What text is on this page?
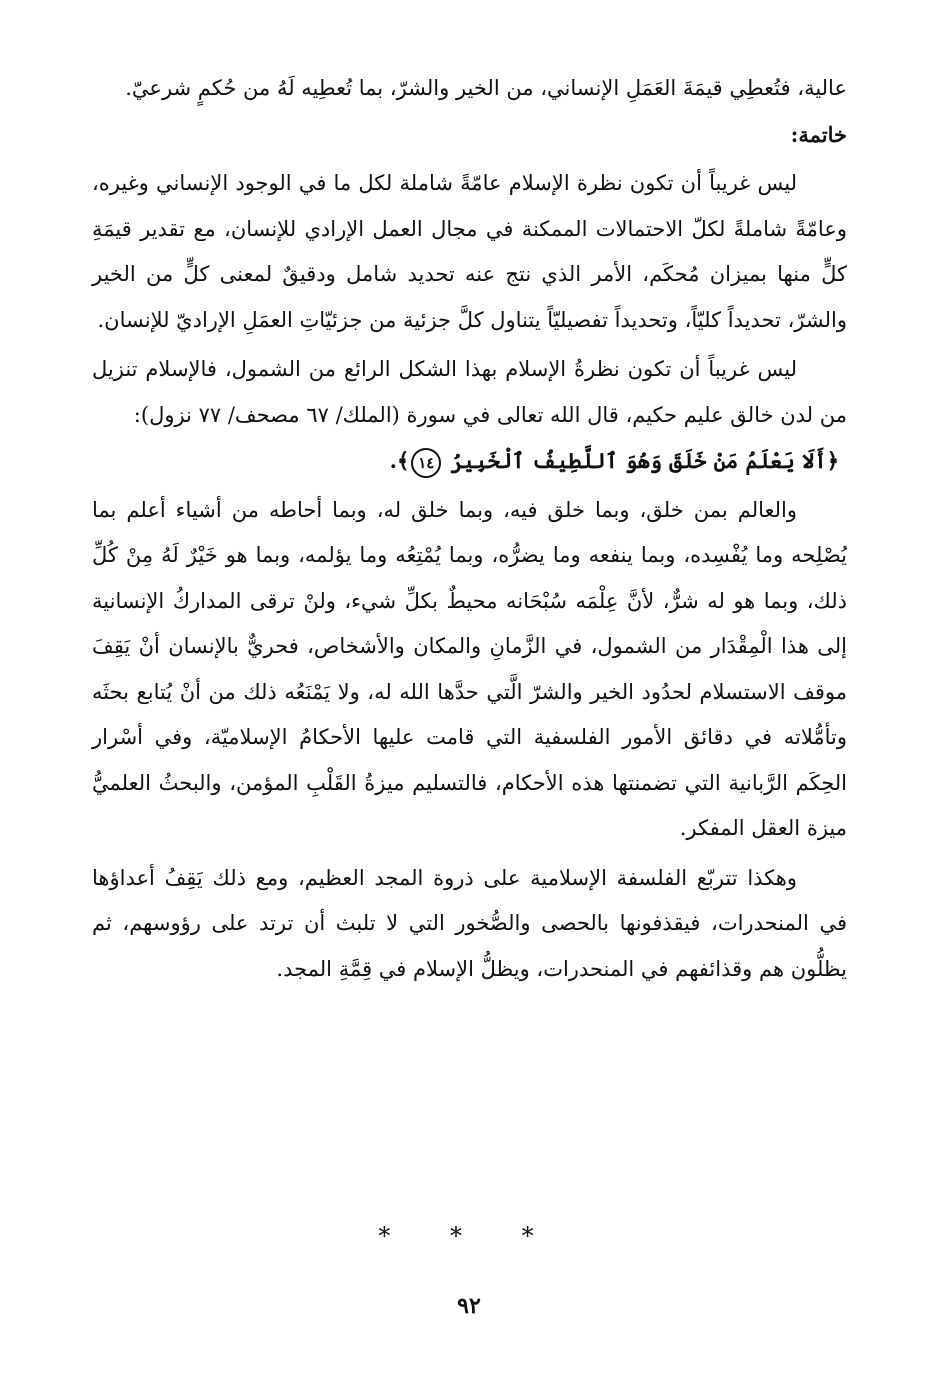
عالية، فتُعطِي قيمَةَ العَمَلِ الإنساني، من الخير والشرّ، بما تُعطِيه لَهُ من حُكمٍ شرعيّ.

خاتمة:

ليس غريباً أن تكون نظرة الإسلام عامّةً شاملة لكل ما في الوجود الإنساني وغيره، وعامّةً شاملةً لكلّ الاحتمالات الممكنة في مجال العمل الإرادي للإنسان، مع تقدير قيمَةِ كلٍّ منها بميزان مُحكَم، الأمر الذي نتج عنه تحديد شامل ودقيقٌ لمعنى كلٍّ من الخير والشرّ، تحديداً كليّاً، وتحديداً تفصيليّاً يتناول كلَّ جزئية من جزئيّاتِ العمَلِ الإراديّ للإنسان.

ليس غريباً أن تكون نظرةُ الإسلام بهذا الشكل الرائع من الشمول، فالإسلام تنزيل من لدن خالق عليم حكيم، قال الله تعالى في سورة (الملك/ ٦٧ مصحف/ ٧٧ نزول):

﴿أَلَا يَعْلَمُ مَنْ خَلَقَ وَهُوَ ٱللَّطِيفُ ٱلْخَبِيرُ ١٤﴾.

والعالم بمن خلق، وبما خلق فيه، وبما خلق له، وبما أحاطه من أشياء أعلم بما يُصْلِحه وما يُفْسِده، وبما ينفعه وما يضرُّه، وبما يُمْتِعُه وما يؤلمه، وبما هو خَيْرٌ لَهُ مِنْ كُلِّ ذلك، وبما هو له شرٌّ، لأنَّ عِلْمَه سُبْحَانه محيطٌ بكلِّ شيء، ولنْ ترقى المداركُ الإنسانية إلى هذا الْمِقْدَار من الشمول، في الزَّمانِ والمكان والأشخاص، فحريٌّ بالإنسان أنْ يَقِفَ موقف الاستسلام لحدُود الخير والشرّ الَّتي حدَّها الله له، ولا يَمْنَعُه ذلك من أنْ يُتابع بحثَه وتأمُّلاته في دقائق الأمور الفلسفية التي قامت عليها الأحكامُ الإسلاميّة، وفي أسْرار الحِكَم الرَّبانية التي تضمنتها هذه الأحكام، فالتسليم ميزةُ القَلْبِ المؤمن، والبحثُ العلميُّ ميزة العقل المفكر.

وهكذا تتربّع الفلسفة الإسلامية على ذروة المجد العظيم، ومع ذلك يَقِفُ أعداؤها في المنحدرات، فيقذفونها بالحصى والصُّخور التي لا تلبث أن ترتد على رؤوسهم، ثم يظلُّون هم وقذائفهم في المنحدرات، ويظلُّ الإسلام في قِمَّةِ المجد.

* * *
٩٢
